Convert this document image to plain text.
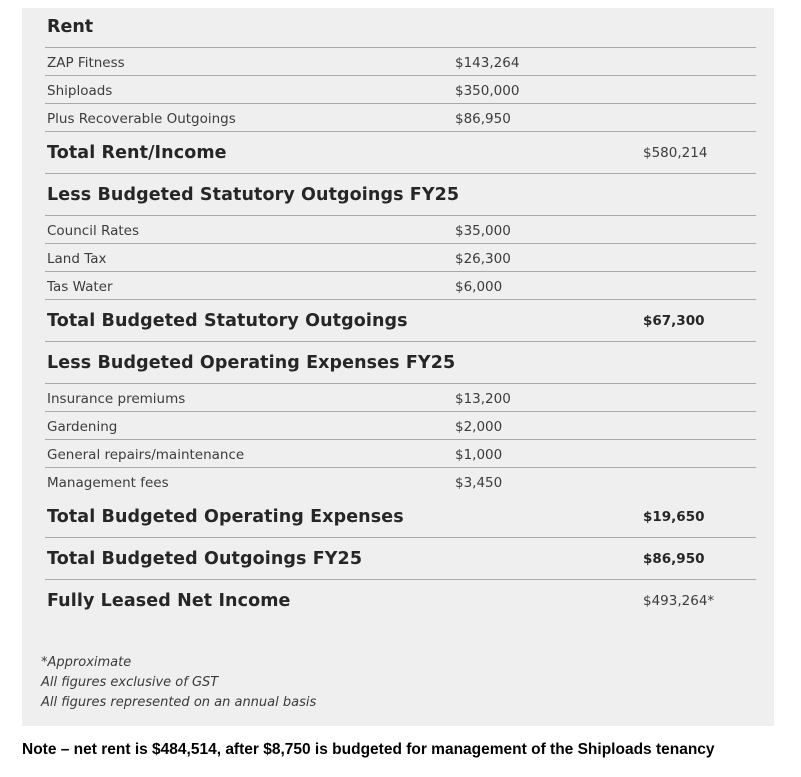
Rent
ZAP Fitness	$143,264
Shiploads	$350,000
Plus Recoverable Outgoings	$86,950
Total Rent/Income	$580,214
Less Budgeted Statutory Outgoings FY25
Council Rates	$35,000
Land Tax	$26,300
Tas Water	$6,000
Total Budgeted Statutory Outgoings	$67,300
Less Budgeted Operating Expenses FY25
Insurance premiums	$13,200
Gardening	$2,000
General repairs/maintenance	$1,000
Management fees	$3,450
Total Budgeted Operating Expenses	$19,650
Total Budgeted Outgoings FY25	$86,950
Fully Leased Net Income	$493,264*
*Approximate
All figures exclusive of GST
All figures represented on an annual basis
Note – net rent is $484,514, after $8,750 is budgeted for management of the Shiploads tenancy
